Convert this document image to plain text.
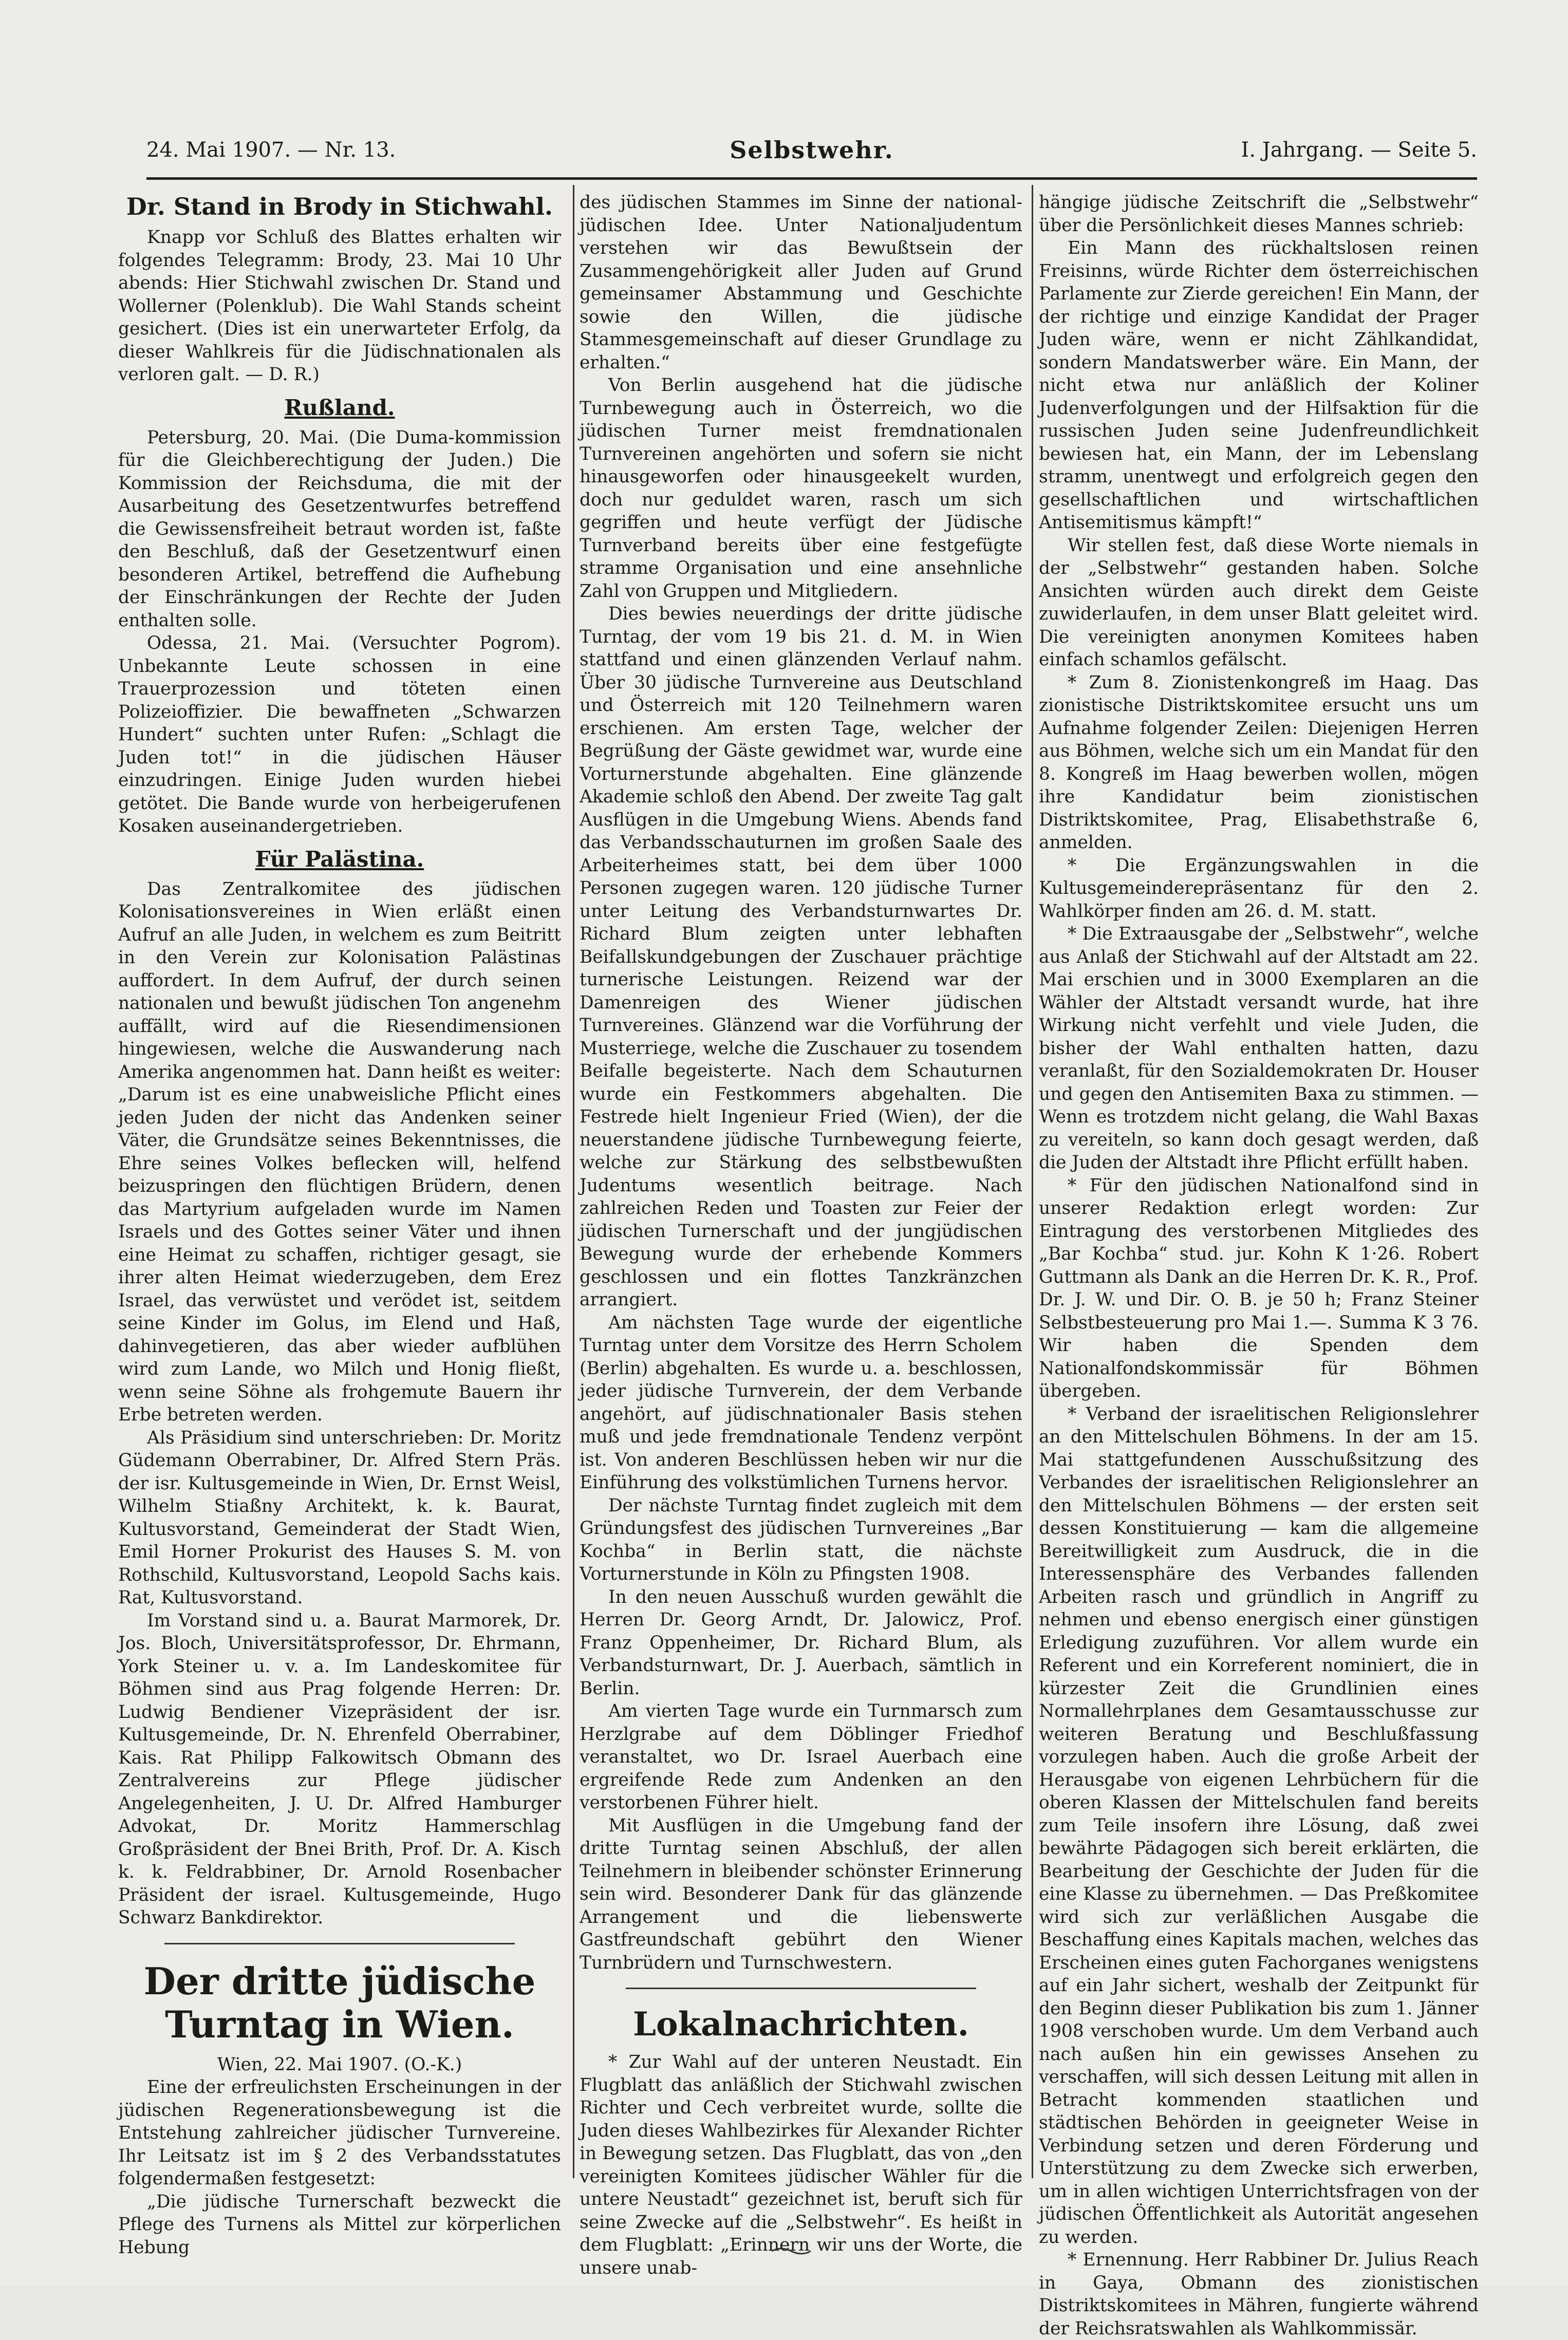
24. Mai 1907. — Nr. 13.	Selbstwehr.	I. Jahrgang. — Seite 5.
Dr. Stand in Brody in Stichwahl.

Knapp vor Schluß des Blattes erhalten wir folgendes Telegramm: Brody, 23. Mai 10 Uhr abends: Hier Stichwahl zwischen Dr. Stand und Wollerner (Polenklub). Die Wahl Stands scheint gesichert. (Dies ist ein unerwarteter Erfolg, da dieser Wahlkreis für die Jüdischnationalen als verloren galt. — D. R.)

Rußland.

Petersburg, 20. Mai. (Die Duma-kommission für die Gleichberechtigung der Juden.) Die Kommission der Reichsduma, die mit der Ausarbeitung des Gesetzentwurfes betreffend die Gewissensfreiheit betraut worden ist, faßte den Beschluß, daß der Gesetzentwurf einen besonderen Artikel, betreffend die Aufhebung der Einschränkungen der Rechte der Juden enthalten solle.

Odessa, 21. Mai. (Versuchter Pogrom). Unbekannte Leute schossen in eine Trauerprozession und töteten einen Polizeioffizier. Die bewaffneten „Schwarzen Hundert“ suchten unter Rufen: „Schlagt die Juden tot!“ in die jüdischen Häuser einzudringen. Einige Juden wurden hiebei getötet. Die Bande wurde von herbeigerufenen Kosaken auseinandergetrieben.

Für Palästina.

Das Zentralkomitee des jüdischen Kolonisationsvereines in Wien erläßt einen Aufruf an alle Juden, in welchem es zum Beitritt in den Verein zur Kolonisation Palästinas auffordert. In dem Aufruf, der durch seinen nationalen und bewußt jüdischen Ton angenehm auffällt, wird auf die Riesendimensionen hingewiesen, welche die Auswanderung nach Amerika angenommen hat. Dann heißt es weiter: „Darum ist es eine unabweisliche Pflicht eines jeden Juden der nicht das Andenken seiner Väter, die Grundsätze seines Bekenntnisses, die Ehre seines Volkes beflecken will, helfend beizuspringen den flüchtigen Brüdern, denen das Martyrium aufgeladen wurde im Namen Israels und des Gottes seiner Väter und ihnen eine Heimat zu schaffen, richtiger gesagt, sie ihrer alten Heimat wiederzugeben, dem Erez Israel, das verwüstet und verödet ist, seitdem seine Kinder im Golus, im Elend und Haß, dahinvegetieren, das aber wieder aufblühen wird zum Lande, wo Milch und Honig fließt, wenn seine Söhne als frohgemute Bauern ihr Erbe betreten werden.

Als Präsidium sind unterschrieben: Dr. Moritz Güdemann Oberrabiner, Dr. Alfred Stern Präs. der isr. Kultusgemeinde in Wien, Dr. Ernst Weisl, Wilhelm Stiaßny Architekt, k. k. Baurat, Kultusvorstand, Gemeinderat der Stadt Wien, Emil Horner Prokurist des Hauses S. M. von Rothschild, Kultusvorstand, Leopold Sachs kais. Rat, Kultusvorstand.

Im Vorstand sind u. a. Baurat Marmorek, Dr. Jos. Bloch, Universitätsprofessor, Dr. Ehrmann, York Steiner u. v. a. Im Landeskomitee für Böhmen sind aus Prag folgende Herren: Dr. Ludwig Bendiener Vizepräsident der isr. Kultusgemeinde, Dr. N. Ehrenfeld Oberrabiner, Kais. Rat Philipp Falkowitsch Obmann des Zentralvereins zur Pflege jüdischer Angelegenheiten, J. U. Dr. Alfred Hamburger Advokat, Dr. Moritz Hammerschlag Großpräsident der Bnei Brith, Prof. Dr. A. Kisch k. k. Feldrabbiner, Dr. Arnold Rosenbacher Präsident der israel. Kultusgemeinde, Hugo Schwarz Bankdirektor.

Der dritte jüdische Turntag in Wien.

Wien, 22. Mai 1907. (O.-K.)

Eine der erfreulichsten Erscheinungen in der jüdischen Regenerationsbewegung ist die Entstehung zahlreicher jüdischer Turnvereine. Ihr Leitsatz ist im § 2 des Verbandsstatutes folgendermaßen festgesetzt:

„Die jüdische Turnerschaft bezweckt die Pflege des Turnens als Mittel zur körperlichen Hebung

des jüdischen Stammes im Sinne der national-jüdischen Idee. Unter Nationaljudentum verstehen wir das Bewußtsein der Zusammengehörigkeit aller Juden auf Grund gemeinsamer Abstammung und Geschichte sowie den Willen, die jüdische Stammesgemeinschaft auf dieser Grundlage zu erhalten.“

Von Berlin ausgehend hat die jüdische Turnbewegung auch in Österreich, wo die jüdischen Turner meist fremdnationalen Turnvereinen angehörten und sofern sie nicht hinausgeworfen oder hinausgeekelt wurden, doch nur geduldet waren, rasch um sich gegriffen und heute verfügt der Jüdische Turnverband bereits über eine festgefügte stramme Organisation und eine ansehnliche Zahl von Gruppen und Mitgliedern.

Dies bewies neuerdings der dritte jüdische Turntag, der vom 19 bis 21. d. M. in Wien stattfand und einen glänzenden Verlauf nahm. Über 30 jüdische Turnvereine aus Deutschland und Österreich mit 120 Teilnehmern waren erschienen. Am ersten Tage, welcher der Begrüßung der Gäste gewidmet war, wurde eine Vorturnerstunde abgehalten. Eine glänzende Akademie schloß den Abend. Der zweite Tag galt Ausflügen in die Umgebung Wiens. Abends fand das Verbandsschauturnen im großen Saale des Arbeiterheimes statt, bei dem über 1000 Personen zugegen waren. 120 jüdische Turner unter Leitung des Verbandsturnwartes Dr. Richard Blum zeigten unter lebhaften Beifallskundgebungen der Zuschauer prächtige turnerische Leistungen. Reizend war der Damenreigen des Wiener jüdischen Turnvereines. Glänzend war die Vorführung der Musterriege, welche die Zuschauer zu tosendem Beifalle begeisterte. Nach dem Schauturnen wurde ein Festkommers abgehalten. Die Festrede hielt Ingenieur Fried (Wien), der die neuerstandene jüdische Turnbewegung feierte, welche zur Stärkung des selbstbewußten Judentums wesentlich beitrage. Nach zahlreichen Reden und Toasten zur Feier der jüdischen Turnerschaft und der jungjüdischen Bewegung wurde der erhebende Kommers geschlossen und ein flottes Tanzkränzchen arrangiert.

Am nächsten Tage wurde der eigentliche Turntag unter dem Vorsitze des Herrn Scholem (Berlin) abgehalten. Es wurde u. a. beschlossen, jeder jüdische Turnverein, der dem Verbande angehört, auf jüdischnationaler Basis stehen muß und jede fremdnationale Tendenz verpönt ist. Von anderen Beschlüssen heben wir nur die Einführung des volkstümlichen Turnens hervor.

Der nächste Turntag findet zugleich mit dem Gründungsfest des jüdischen Turnvereines „Bar Kochba“ in Berlin statt, die nächste Vorturnerstunde in Köln zu Pfingsten 1908.

In den neuen Ausschuß wurden gewählt die Herren Dr. Georg Arndt, Dr. Jalowicz, Prof. Franz Oppenheimer, Dr. Richard Blum, als Verbandsturnwart, Dr. J. Auerbach, sämtlich in Berlin.

Am vierten Tage wurde ein Turnmarsch zum Herzlgrabe auf dem Döblinger Friedhof veranstaltet, wo Dr. Israel Auerbach eine ergreifende Rede zum Andenken an den verstorbenen Führer hielt.

Mit Ausflügen in die Umgebung fand der dritte Turntag seinen Abschluß, der allen Teilnehmern in bleibender schönster Erinnerung sein wird. Besonderer Dank für das glänzende Arrangement und die liebenswerte Gastfreundschaft gebührt den Wiener Turnbrüdern und Turnschwestern.

Lokalnachrichten.

* Zur Wahl auf der unteren Neustadt. Ein Flugblatt das anläßlich der Stichwahl zwischen Richter und Cech verbreitet wurde, sollte die Juden dieses Wahlbezirkes für Alexander Richter in Bewegung setzen. Das Flugblatt, das von „den vereinigten Komitees jüdischer Wähler für die untere Neustadt“ gezeichnet ist, beruft sich für seine Zwecke auf die „Selbstwehr“. Es heißt in dem Flugblatt: „Erinnern wir uns der Worte, die unsere unab-

hängige jüdische Zeitschrift die „Selbstwehr“ über die Persönlichkeit dieses Mannes schrieb:

Ein Mann des rückhaltslosen reinen Freisinns, würde Richter dem österreichischen Parlamente zur Zierde gereichen! Ein Mann, der der richtige und einzige Kandidat der Prager Juden wäre, wenn er nicht Zählkandidat, sondern Mandatswerber wäre. Ein Mann, der nicht etwa nur anläßlich der Koliner Judenverfolgungen und der Hilfsaktion für die russischen Juden seine Judenfreundlichkeit bewiesen hat, ein Mann, der im Lebenslang stramm, unentwegt und erfolgreich gegen den gesellschaftlichen und wirtschaftlichen Antisemitismus kämpft!“

Wir stellen fest, daß diese Worte niemals in der „Selbstwehr“ gestanden haben. Solche Ansichten würden auch direkt dem Geiste zuwiderlaufen, in dem unser Blatt geleitet wird. Die vereinigten anonymen Komitees haben einfach schamlos gefälscht.

* Zum 8. Zionistenkongreß im Haag. Das zionistische Distriktskomitee ersucht uns um Aufnahme folgender Zeilen: Diejenigen Herren aus Böhmen, welche sich um ein Mandat für den 8. Kongreß im Haag bewerben wollen, mögen ihre Kandidatur beim zionistischen Distriktskomitee, Prag, Elisabethstraße 6, anmelden.

* Die Ergänzungswahlen in die Kultusgemeinderepräsentanz für den 2. Wahlkörper finden am 26. d. M. statt.

* Die Extraausgabe der „Selbstwehr“, welche aus Anlaß der Stichwahl auf der Altstadt am 22. Mai erschien und in 3000 Exemplaren an die Wähler der Altstadt versandt wurde, hat ihre Wirkung nicht verfehlt und viele Juden, die bisher der Wahl enthalten hatten, dazu veranlaßt, für den Sozialdemokraten Dr. Houser und gegen den Antisemiten Baxa zu stimmen. — Wenn es trotzdem nicht gelang, die Wahl Baxas zu vereiteln, so kann doch gesagt werden, daß die Juden der Altstadt ihre Pflicht erfüllt haben.

* Für den jüdischen Nationalfond sind in unserer Redaktion erlegt worden: Zur Eintragung des verstorbenen Mitgliedes des „Bar Kochba“ stud. jur. Kohn K 1·26. Robert Guttmann als Dank an die Herren Dr. K. R., Prof. Dr. J. W. und Dir. O. B. je 50 h; Franz Steiner Selbstbesteuerung pro Mai 1.—. Summa K 3 76. Wir haben die Spenden dem Nationalfondskommissär für Böhmen übergeben.

* Verband der israelitischen Religionslehrer an den Mittelschulen Böhmens. In der am 15. Mai stattgefundenen Ausschußsitzung des Verbandes der israelitischen Religionslehrer an den Mittelschulen Böhmens — der ersten seit dessen Konstituierung — kam die allgemeine Bereitwilligkeit zum Ausdruck, die in die Interessensphäre des Verbandes fallenden Arbeiten rasch und gründlich in Angriff zu nehmen und ebenso energisch einer günstigen Erledigung zuzuführen. Vor allem wurde ein Referent und ein Korreferent nominiert, die in kürzester Zeit die Grundlinien eines Normallehrplanes dem Gesamtausschusse zur weiteren Beratung und Beschlußfassung vorzulegen haben. Auch die große Arbeit der Herausgabe von eigenen Lehrbüchern für die oberen Klassen der Mittelschulen fand bereits zum Teile insofern ihre Lösung, daß zwei bewährte Pädagogen sich bereit erklärten, die Bearbeitung der Geschichte der Juden für die eine Klasse zu übernehmen. — Das Preßkomitee wird sich zur verläßlichen Ausgabe die Beschaffung eines Kapitals machen, welches das Erscheinen eines guten Fachorganes wenigstens auf ein Jahr sichert, weshalb der Zeitpunkt für den Beginn dieser Publikation bis zum 1. Jänner 1908 verschoben wurde. Um dem Verband auch nach außen hin ein gewisses Ansehen zu verschaffen, will sich dessen Leitung mit allen in Betracht kommenden staatlichen und städtischen Behörden in geeigneter Weise in Verbindung setzen und deren Förderung und Unterstützung zu dem Zwecke sich erwerben, um in allen wichtigen Unterrichtsfragen von der jüdischen Öffentlichkeit als Autorität angesehen zu werden.

* Ernennung. Herr Rabbiner Dr. Julius Reach in Gaya, Obmann des zionistischen Distriktskomitees in Mähren, fungierte während der Reichsratswahlen als Wahlkommissär.
